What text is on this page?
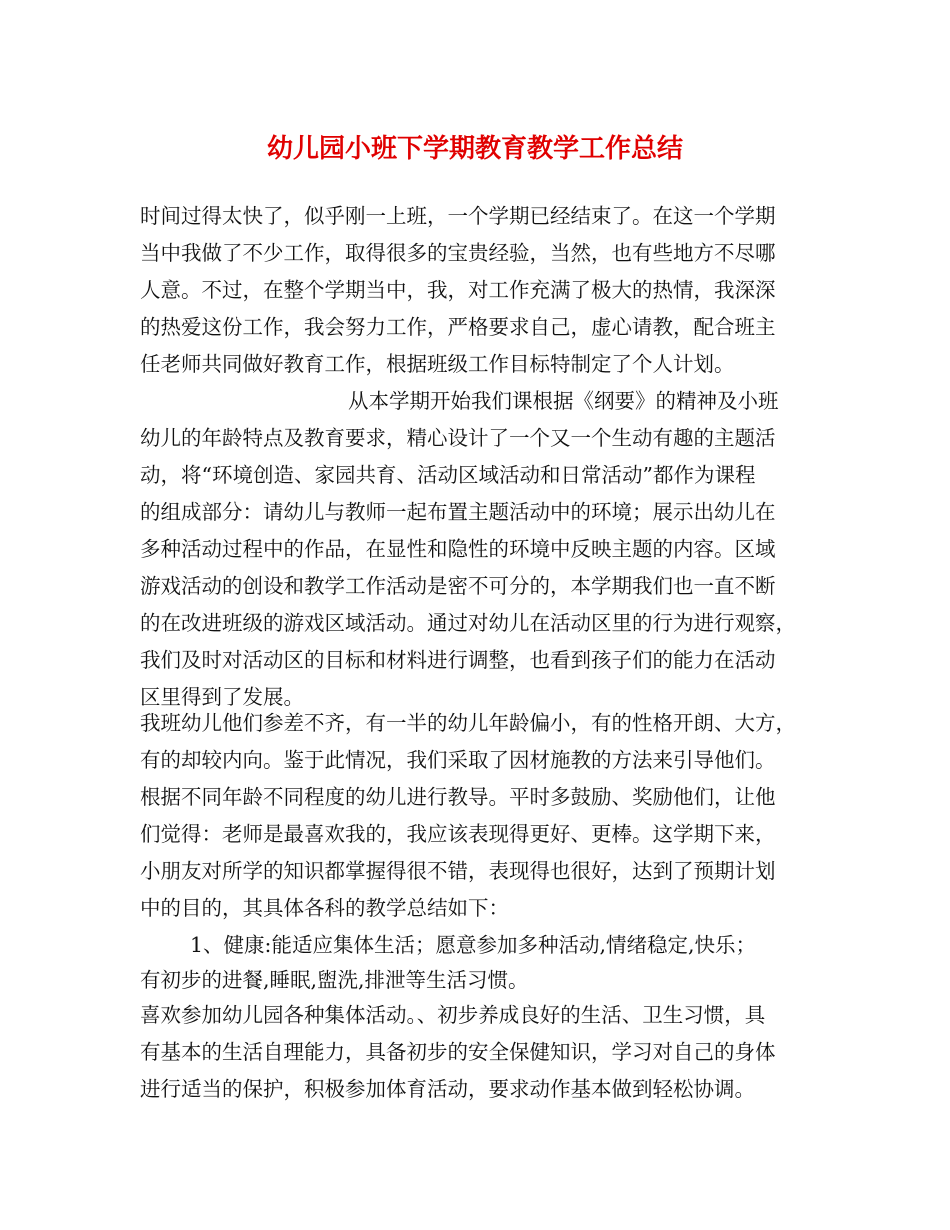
幼儿园小班下学期教育教学工作总结

时间过得太快了，似乎刚一上班，一个学期已经结束了。在这一个学期

当中我做了不少工作，取得很多的宝贵经验，当然，也有些地方不尽哪

人意。不过，在整个学期当中，我，对工作充满了极大的热情，我深深

的热爱这份工作，我会努力工作，严格要求自己，虚心请教，配合班主

任老师共同做好教育工作，根据班级工作目标特制定了个人计划。

从本学期开始我们课根据《纲要》的精神及小班

幼儿的年龄特点及教育要求，精心设计了一个又一个生动有趣的主题活

动，将“环境创造、家园共育、活动区域活动和日常活动”都作为课程

的组成部分：请幼儿与教师一起布置主题活动中的环境；展示出幼儿在

多种活动过程中的作品，在显性和隐性的环境中反映主题的内容。区域

游戏活动的创设和教学工作活动是密不可分的，本学期我们也一直不断

的在改进班级的游戏区域活动。通过对幼儿在活动区里的行为进行观察，

我们及时对活动区的目标和材料进行调整，也看到孩子们的能力在活动

区里得到了发展。

我班幼儿他们参差不齐，有一半的幼儿年龄偏小，有的性格开朗、大方，

有的却较内向。鉴于此情况，我们采取了因材施教的方法来引导他们。

根据不同年龄不同程度的幼儿进行教导。平时多鼓励、奖励他们，让他

们觉得：老师是最喜欢我的，我应该表现得更好、更棒。这学期下来，

小朋友对所学的知识都掌握得很不错，表现得也很好，达到了预期计划

中的目的，其具体各科的教学总结如下：

1、健康:能适应集体生活；愿意参加多种活动,情绪稳定,快乐；

有初步的进餐,睡眠,盥洗,排泄等生活习惯。

喜欢参加幼儿园各种集体活动。、初步养成良好的生活、卫生习惯，具

有基本的生活自理能力，具备初步的安全保健知识，学习对自己的身体

进行适当的保护，积极参加体育活动，要求动作基本做到轻松协调。
